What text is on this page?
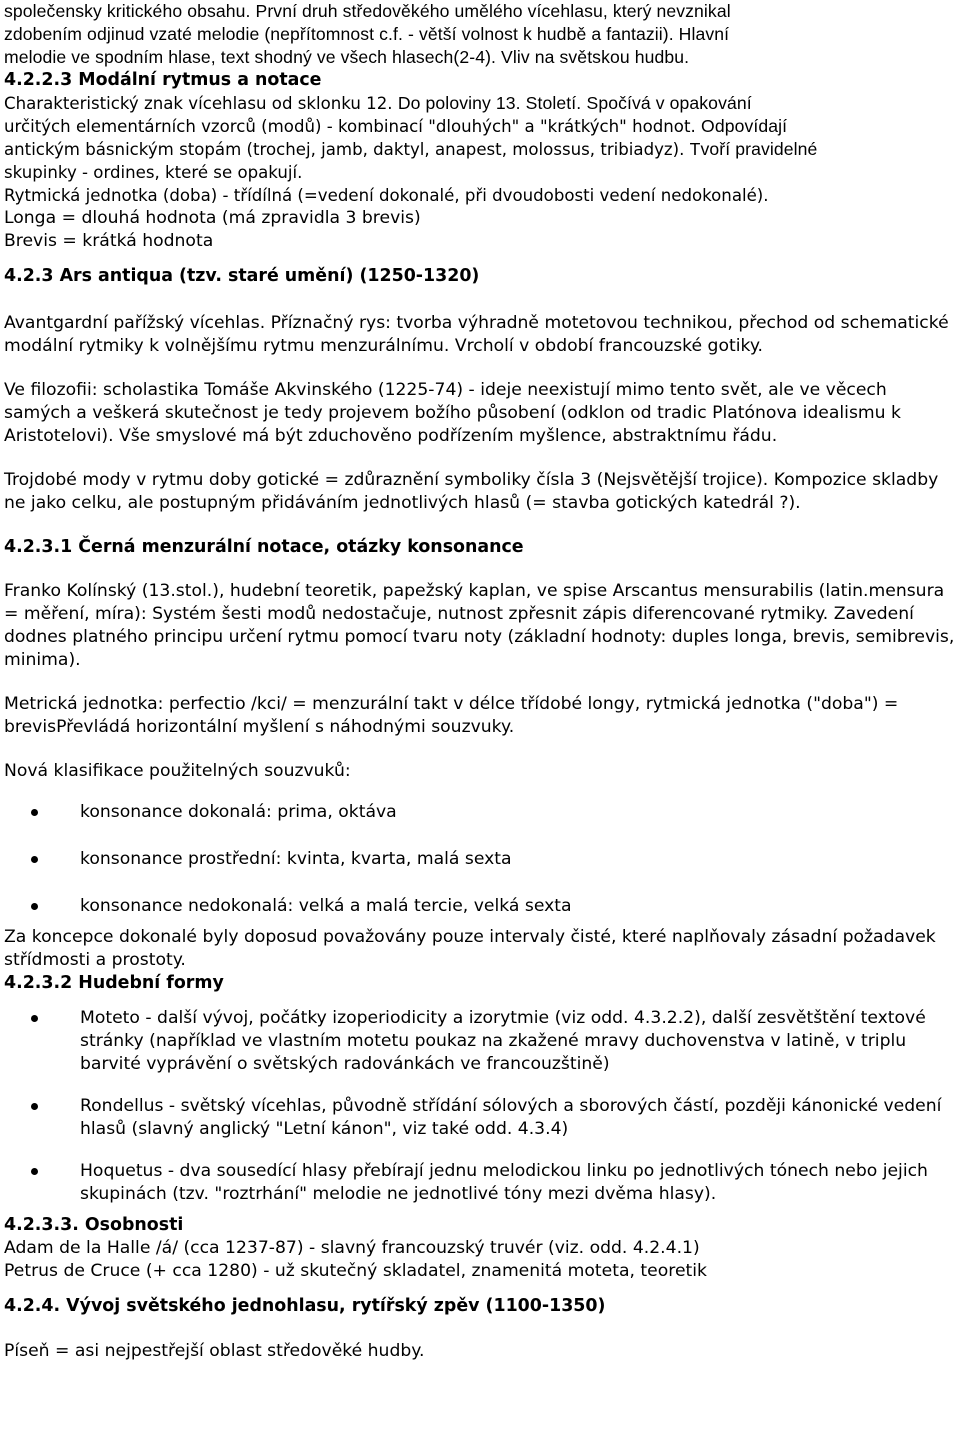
společensky kritického obsahu. První druh středověkého umělého vícehlasu, který nevznikal

zdobením odjinud vzaté melodie (nepřítomnost c.f. - větší volnost k hudbě a fantazii). Hlavní

melodie ve spodním hlase, text shodný ve všech hlasech(2-4). Vliv na světskou hudbu.

4.2.2.3 Modální rytmus a notace

Charakteristický znak vícehlasu od sklonku 12. Do poloviny 13. Století. Spočívá v opakování
určitých elementárních vzorců (modů) - kombinací "dlouhých" a "krátkých" hodnot. Odpovídají
antickým básnickým stopám (trochej, jamb, daktyl, anapest, molossus, tribiadyz). Tvoří pravidelné
skupinky - ordines, které se opakují.

Rytmická jednotka (doba) - třídílná (=vedení dokonalé, při dvoudobosti vedení nedokonalé).

Longa = dlouhá hodnota (má zpravidla 3 brevis)

Brevis = krátká hodnota

4.2.3 Ars antiqua (tzv. staré umění) (1250-1320)

Avantgardní pařížský vícehlas. Příznačný rys: tvorba výhradně motetovou technikou, přechod od schematické modální rytmiky k volnějšímu rytmu menzurálnímu. Vrcholí v období francouzské gotiky.

Ve filozofii: scholastika Tomáše Akvinského (1225-74) - ideje neexistují mimo tento svět, ale ve věcech samých a veškerá skutečnost je tedy projevem božího působení (odklon od tradic Platónova idealismu k Aristotelovi). Vše smyslové má být zduchověno podřízením myšlence, abstraktnímu řádu.

Trojdobé mody v rytmu doby gotické = zdůraznění symboliky čísla 3 (Nejsvětější trojice). Kompozice skladby ne jako celku, ale postupným přidáváním jednotlivých hlasů (= stavba gotických katedrál ?).

4.2.3.1 Černá menzurální notace, otázky konsonance

Franko Kolínský (13.stol.), hudební teoretik, papežský kaplan, ve spise Arscantus mensurabilis (latin.mensura = měření, míra): Systém šesti modů nedostačuje, nutnost zpřesnit zápis diferencované rytmiky. Zavedení dodnes platného principu určení rytmu pomocí tvaru noty (základní hodnoty: duples longa, brevis, semibrevis, minima).

Metrická jednotka: perfectio /kci/ = menzurální takt v délce třídobé longy, rytmická jednotka ("doba") = brevisPřevládá horizontální myšlení s náhodnými souzvuky.

Nová klasifikace použitelných souzvuků:

konsonance dokonalá: prima, oktáva
konsonance prostřední: kvinta, kvarta, malá sexta
konsonance nedokonalá: velká a malá tercie, velká sexta

Za koncepce dokonalé byly doposud považovány pouze intervaly čisté, které naplňovaly zásadní požadavek střídmosti a prostoty.

4.2.3.2 Hudební formy
Moteto - další vývoj, počátky izoperiodicity a izorytmie (viz odd. 4.3.2.2), další zesvětštění textové stránky (například ve vlastním motetu poukaz na zkažené mravy duchovenstva v latině, v triplu barvité vyprávění o světských radovánkách ve francouzštině)
Rondellus - světský vícehlas, původně střídání sólových a sborových částí, později kánonické vedení hlasů (slavný anglický "Letní kánon", viz také odd. 4.3.4)
Hoquetus - dva sousedící hlasy přebírají jednu melodickou linku po jednotlivých tónech nebo jejich skupinách (tzv. "roztrhání" melodie ne jednotlivé tóny mezi dvěma hlasy).
4.2.3.3. Osobnosti

Adam de la Halle /á/ (cca 1237-87) - slavný francouzský truvér (viz. odd. 4.2.4.1)

Petrus de Cruce (+ cca 1280) - už skutečný skladatel, znamenitá moteta, teoretik

4.2.4. Vývoj světského jednohlasu, rytířský zpěv (1100-1350)

Píseň = asi nejpestřejší oblast středověké hudby.
